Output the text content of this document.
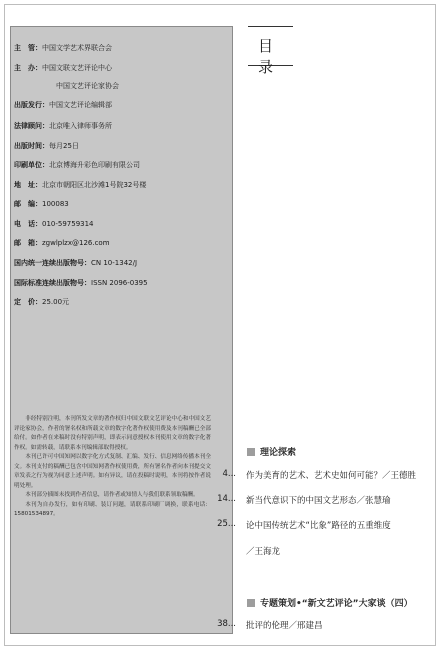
主　管：中国文学艺术界联合会
主　办：中国文联文艺评论中心
中国文艺评论家协会
出版发行：中国文艺评论编辑部
法律顾问：北京唯入律师事务所
出版时间：每月25日
印刷单位：北京博海升彩色印刷有限公司
地　址：北京市朝阳区北沙滩1号院32号楼
邮　编：100083
电　话：010-59759314
邮　箱：zgwlplzx@126.com
国内统一连续出版物号：CN 10-1342/J
国际标准连续出版物号：ISSN 2096-0395
定　价：25.00元

非经特别注明，本刊所发文章的著作权归中国文联文艺评论中心和中国文艺评论家协会，作者的署名权和所载文章的数字化著作权使用费及本刊稿酬已全部给付。如作者在来稿时没有特别声明，即表示同意授权本刊使用文章的数字化著作权。如需转载，请联系本刊编辑部取得授权。

本刊已许可中国知网以数字化方式复制、汇编、发行、信息网络传播本刊全文。本刊支付的稿酬已包含中国知网著作权使用费，所有署名作者向本刊提交文章发表之行为视为同意上述声明。如有异议，请在投稿时说明，本刊将按作者说明处理。

本刊部分插图未找到作者信息，请作者或知情人与我们联系领取稿酬。

本刊为自办发行，如有印刷、装订问题，请联系印刷厂调换，联系电话：15801534897。

目　录
理论探索
4... 作为美育的艺术、艺术史如何可能？／王德胜
14... 新当代意识下的中国文艺形态／张慧瑜
25... 论中国传统艺术“比象”路径的五重维度
／王海龙
专题策划•“新文艺评论”大家谈（四）
38... 批评的伦理／邢建昌
